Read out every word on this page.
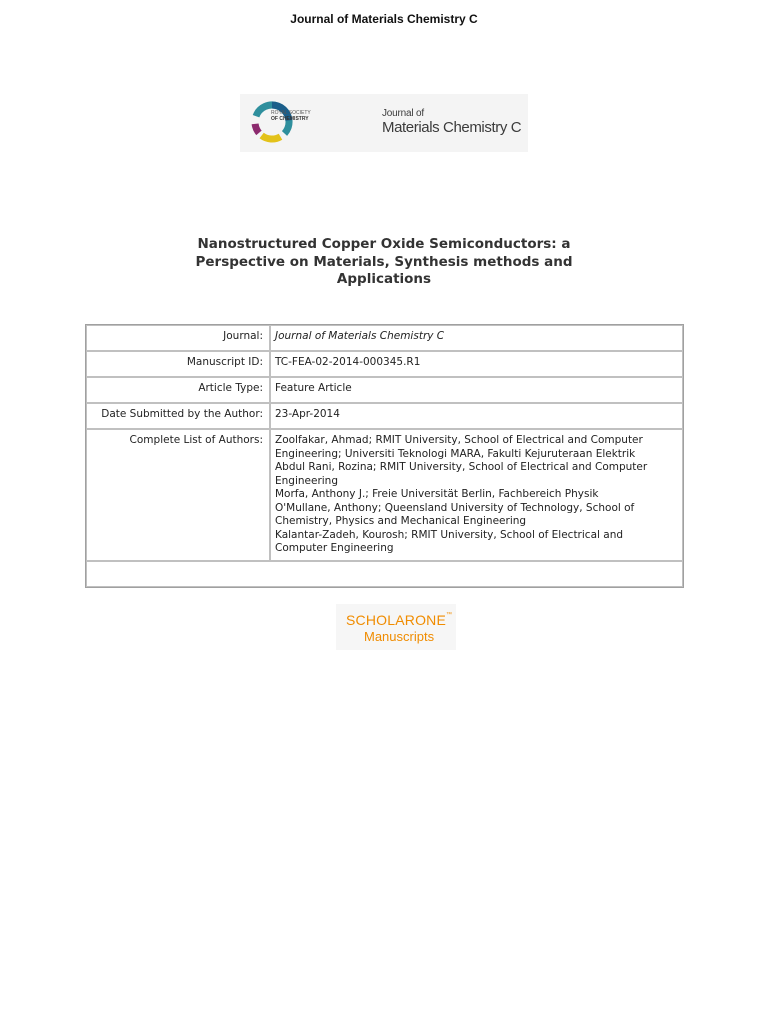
Journal of Materials Chemistry C
ROYAL SOCIETY
OF CHEMISTRY	Journal of
Materials Chemistry C
Nanostructured Copper Oxide Semiconductors: a Perspective on Materials, Synthesis methods and Applications
Journal:	Journal of Materials Chemistry C
Manuscript ID:	TC-FEA-02-2014-000345.R1
Article Type:	Feature Article
Date Submitted by the Author:	23-Apr-2014
Complete List of Authors:	Zoolfakar, Ahmad; RMIT University, School of Electrical and Computer Engineering; Universiti Teknologi MARA, Fakulti Kejuruteraan Elektrik
Abdul Rani, Rozina; RMIT University, School of Electrical and Computer Engineering
Morfa, Anthony J.; Freie Universität Berlin, Fachbereich Physik
O'Mullane, Anthony; Queensland University of Technology, School of Chemistry, Physics and Mechanical Engineering
Kalantar-Zadeh, Kourosh; RMIT University, School of Electrical and Computer Engineering

SCHOLARONE™
Manuscripts
